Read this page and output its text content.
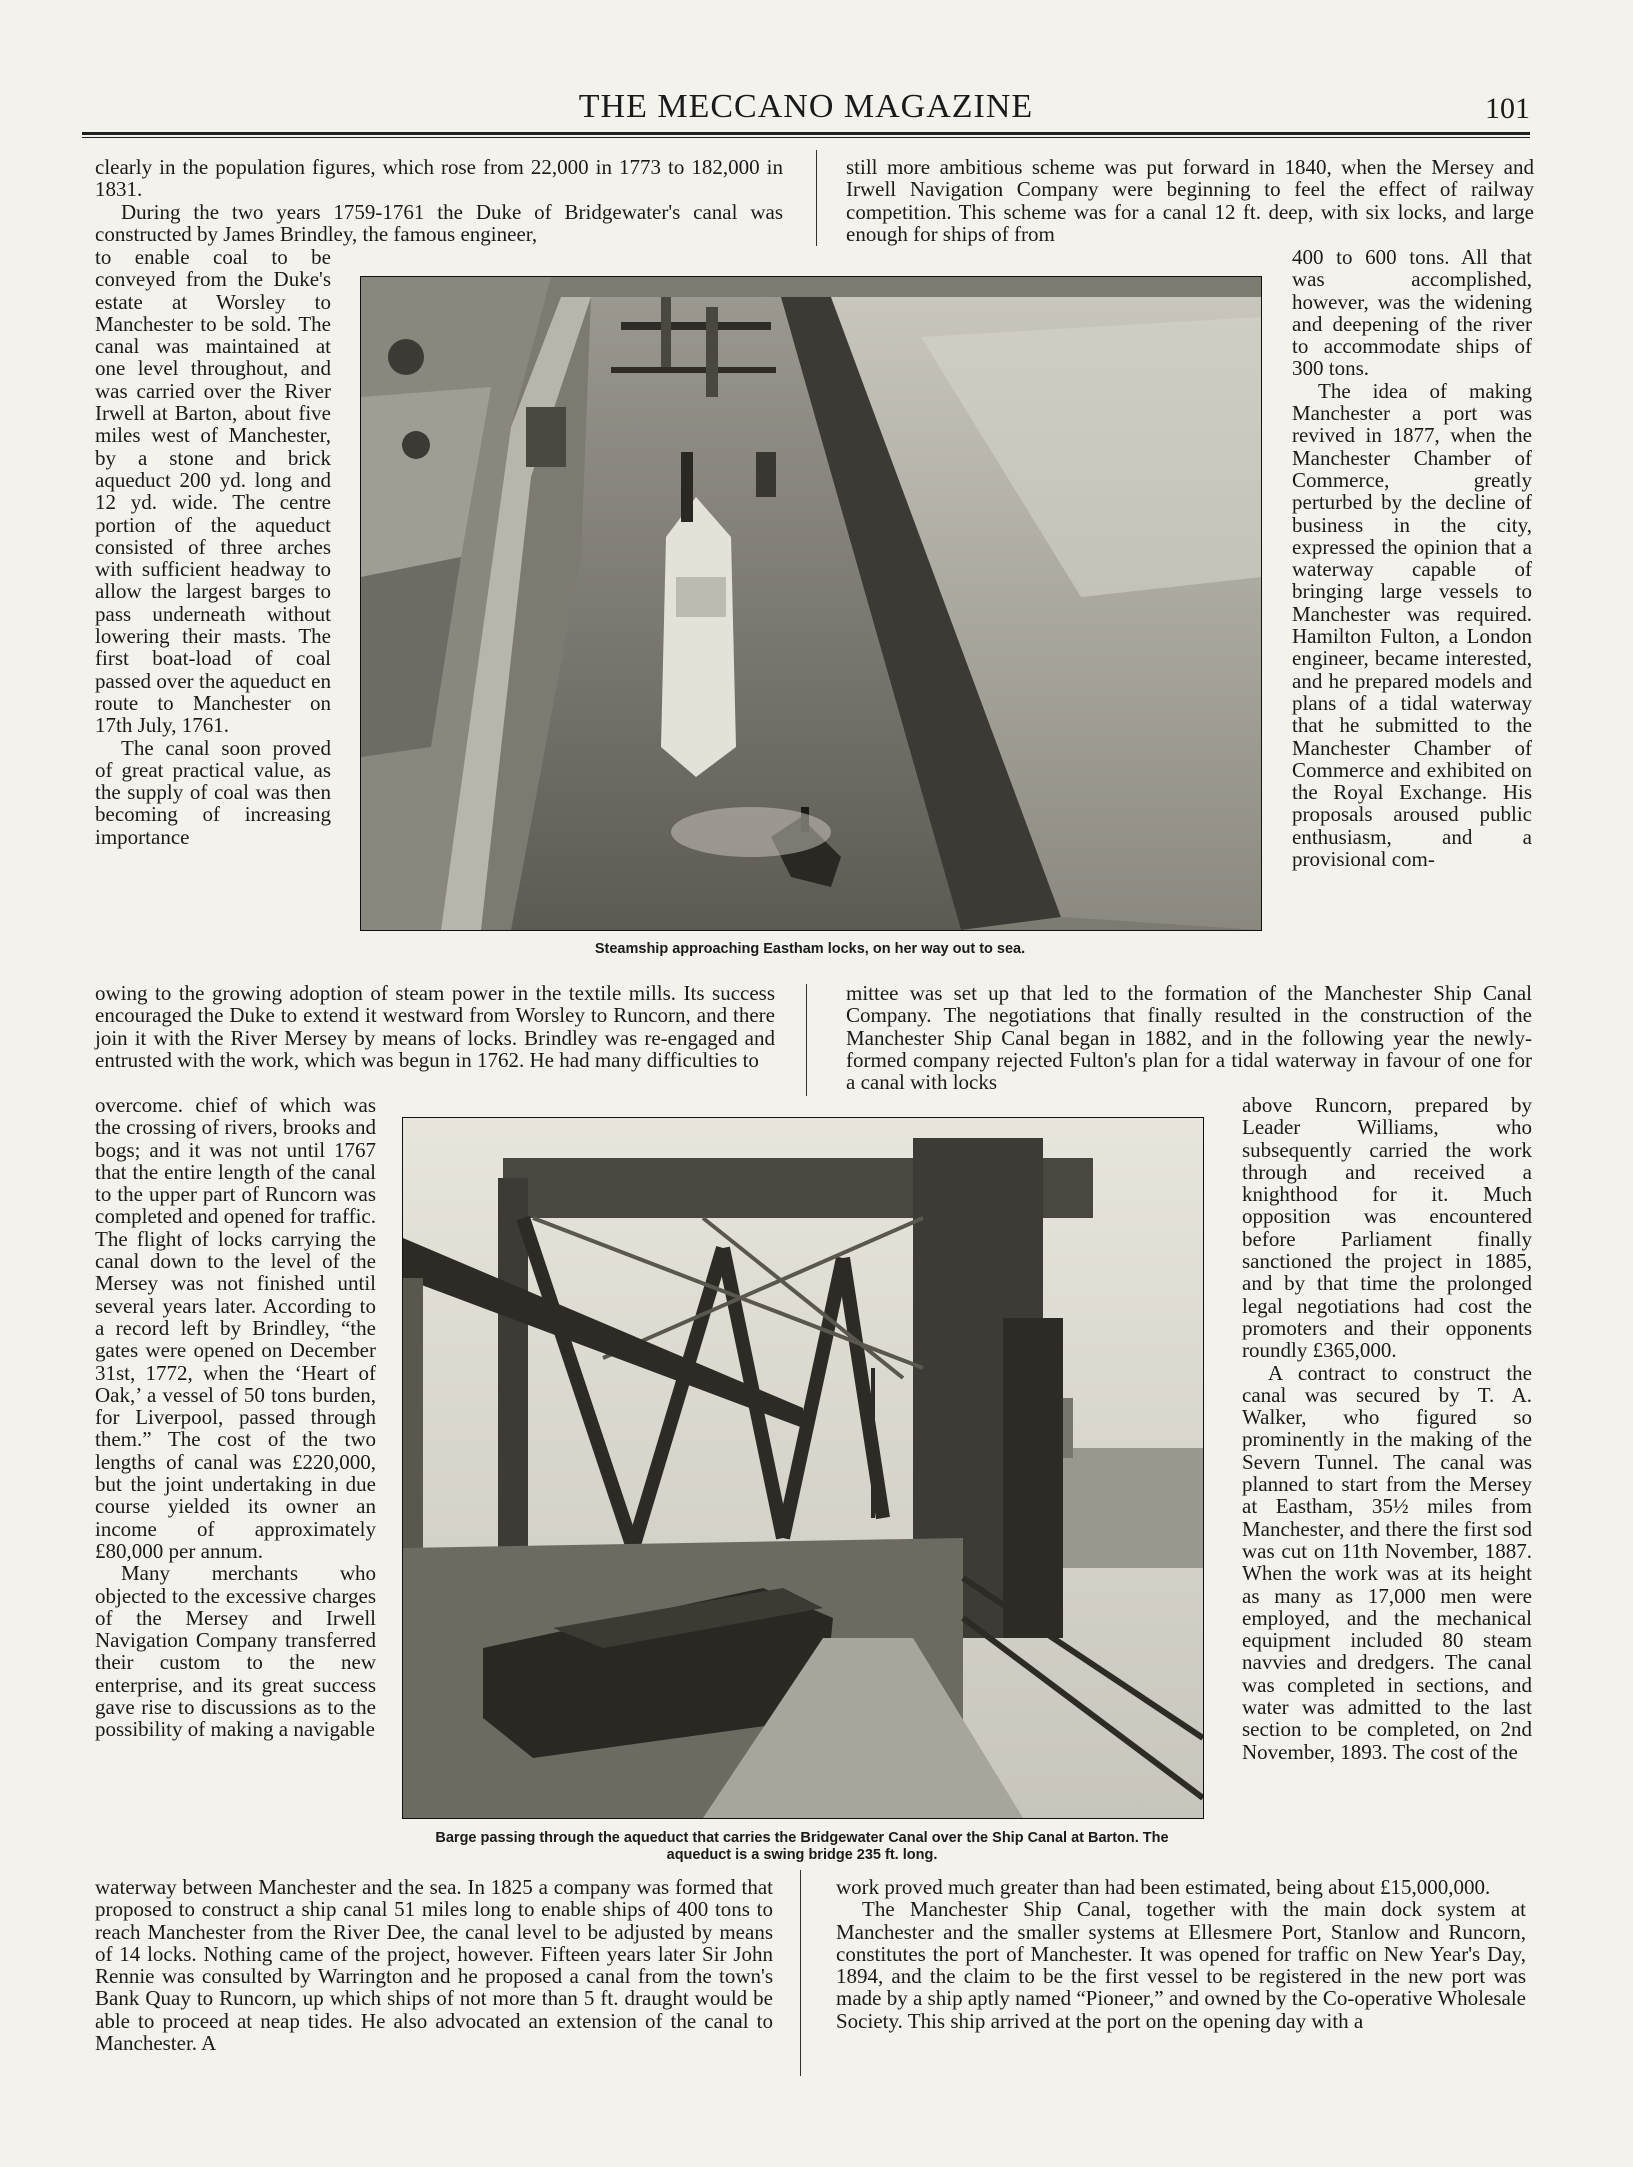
THE MECCANO MAGAZINE	101

clearly in the population figures, which rose from 22,000 in 1773 to 182,000 in 1831.

During the two years 1759-1761 the Duke of Bridgewater's canal was constructed by James Brindley, the famous engineer,

to enable coal to be conveyed from the Duke's estate at Worsley to Manchester to be sold. The canal was maintained at one level throughout, and was carried over the River Irwell at Barton, about five miles west of Manchester, by a stone and brick aqueduct 200 yd. long and 12 yd. wide. The centre portion of the aqueduct consisted of three arches with sufficient headway to allow the largest barges to pass underneath without lowering their masts. The first boat-load of coal passed over the aqueduct en route to Manchester on 17th July, 1761.

The canal soon proved of great practical value, as the supply of coal was then becoming of increasing importance

owing to the growing adoption of steam power in the textile mills. Its success encouraged the Duke to extend it westward from Worsley to Runcorn, and there join it with the River Mersey by means of locks. Brindley was re-engaged and entrusted with the work, which was begun in 1762. He had many difficulties to

overcome. chief of which was the crossing of rivers, brooks and bogs; and it was not until 1767 that the entire length of the canal to the upper part of Runcorn was completed and opened for traffic. The flight of locks carrying the canal down to the level of the Mersey was not finished until several years later. According to a record left by Brindley, “the gates were opened on December 31st, 1772, when the ‘Heart of Oak,’ a vessel of 50 tons burden, for Liverpool, passed through them.” The cost of the two lengths of canal was £220,000, but the joint undertaking in due course yielded its owner an income of approximately £80,000 per annum.

Many merchants who objected to the excessive charges of the Mersey and Irwell Navigation Company transferred their custom to the new enterprise, and its great success gave rise to discussions as to the possibility of making a navigable

waterway between Manchester and the sea. In 1825 a company was formed that proposed to construct a ship canal 51 miles long to enable ships of 400 tons to reach Manchester from the River Dee, the canal level to be adjusted by means of 14 locks. Nothing came of the project, however. Fifteen years later Sir John Rennie was consulted by Warrington and he proposed a canal from the town's Bank Quay to Runcorn, up which ships of not more than 5 ft. draught would be able to proceed at neap tides. He also advocated an extension of the canal to Manchester. A

still more ambitious scheme was put forward in 1840, when the Mersey and Irwell Navigation Company were beginning to feel the effect of railway competition. This scheme was for a canal 12 ft. deep, with six locks, and large enough for ships of from

400 to 600 tons. All that was accomplished, however, was the widening and deepening of the river to accommodate ships of 300 tons.

The idea of making Manchester a port was revived in 1877, when the Manchester Chamber of Commerce, greatly perturbed by the decline of business in the city, expressed the opinion that a waterway capable of bringing large vessels to Manchester was required. Hamilton Fulton, a London engineer, became interested, and he prepared models and plans of a tidal waterway that he submitted to the Manchester Chamber of Commerce and exhibited on the Royal Exchange. His proposals aroused public enthusiasm, and a provisional com-

mittee was set up that led to the formation of the Manchester Ship Canal Company. The negotiations that finally resulted in the construction of the Manchester Ship Canal began in 1882, and in the following year the newly-formed company rejected Fulton's plan for a tidal waterway in favour of one for a canal with locks

above Runcorn, prepared by Leader Williams, who subsequently carried the work through and received a knighthood for it. Much opposition was encountered before Parliament finally sanctioned the project in 1885, and by that time the prolonged legal negotiations had cost the promoters and their opponents roundly £365,000.

A contract to construct the canal was secured by T. A. Walker, who figured so prominently in the making of the Severn Tunnel. The canal was planned to start from the Mersey at Eastham, 35½ miles from Manchester, and there the first sod was cut on 11th November, 1887. When the work was at its height as many as 17,000 men were employed, and the mechanical equipment included 80 steam navvies and dredgers. The canal was completed in sections, and water was admitted to the last section to be completed, on 2nd November, 1893. The cost of the

work proved much greater than had been estimated, being about £15,000,000.

The Manchester Ship Canal, together with the main dock system at Manchester and the smaller systems at Ellesmere Port, Stanlow and Runcorn, constitutes the port of Manchester. It was opened for traffic on New Year's Day, 1894, and the claim to be the first vessel to be registered in the new port was made by a ship aptly named “Pioneer,” and owned by the Co-operative Wholesale Society. This ship arrived at the port on the opening day with a

Steamship approaching Eastham locks, on her way out to sea.
Barge passing through the aqueduct that carries the Bridgewater Canal over the Ship Canal at Barton. The aqueduct is a swing bridge 235 ft. long.
